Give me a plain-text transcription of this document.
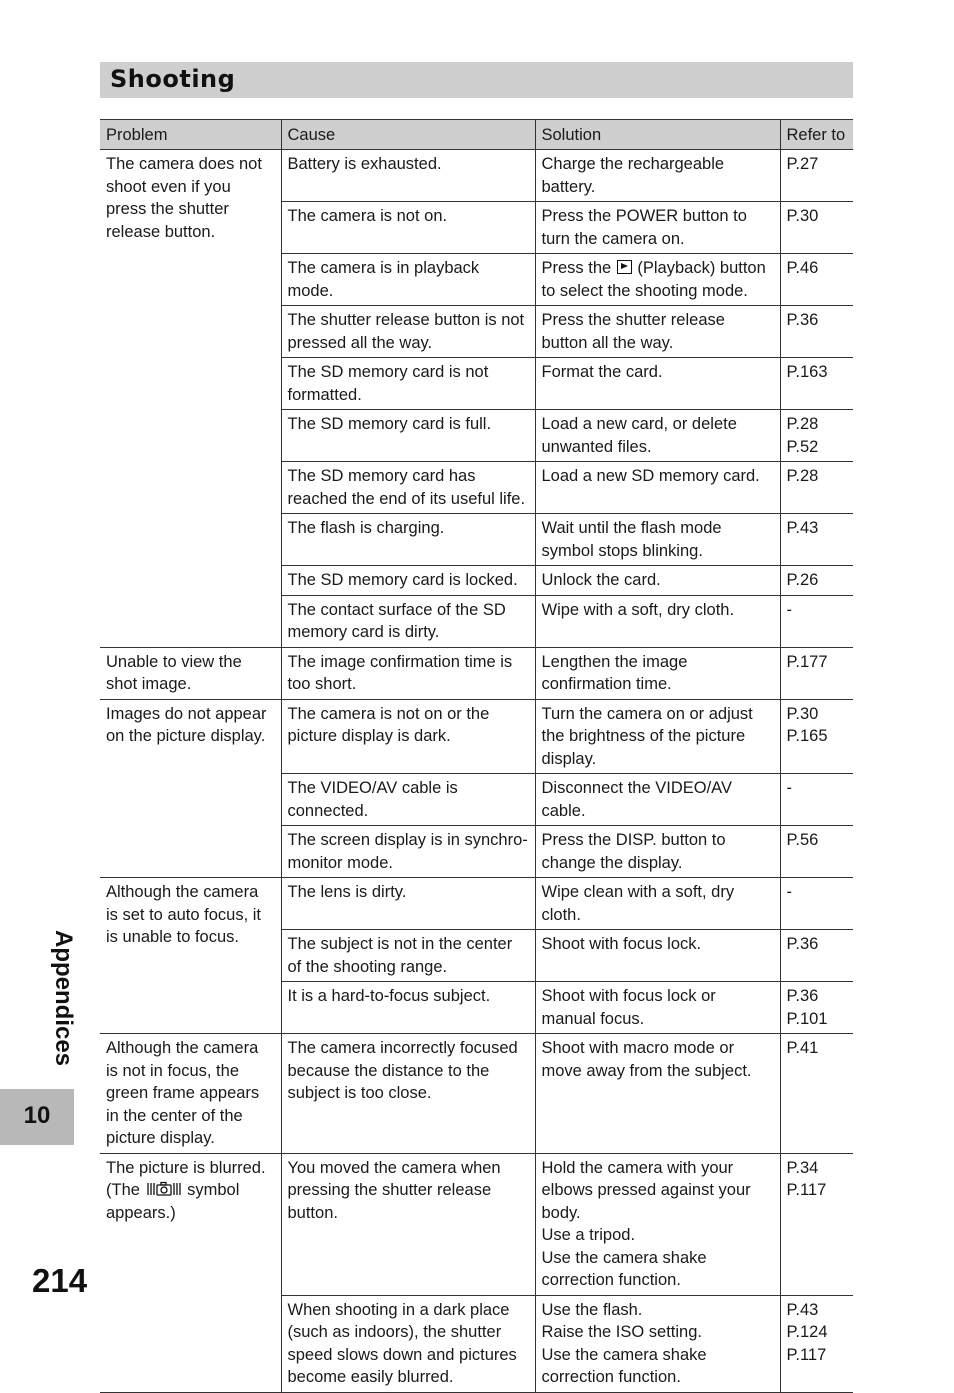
Shooting
Problem	Cause	Solution	Refer to
The camera does not shoot even if you press the shutter release button.	Battery is exhausted.	Charge the rechargeable battery.	P.27
	The camera is not on.	Press the POWER button to turn the camera on.	P.30
	The camera is in playback mode.	Press the (Playback) button to select the shooting mode.	P.46
	The shutter release button is not pressed all the way.	Press the shutter release button all the way.	P.36
	The SD memory card is not formatted.	Format the card.	P.163
	The SD memory card is full.	Load a new card, or delete unwanted files.	P.28
P.52
	The SD memory card has reached the end of its useful life.	Load a new SD memory card.	P.28
	The flash is charging.	Wait until the flash mode symbol stops blinking.	P.43
	The SD memory card is locked.	Unlock the card.	P.26
	The contact surface of the SD memory card is dirty.	Wipe with a soft, dry cloth.	-
Unable to view the shot image.	The image confirmation time is too short.	Lengthen the image confirmation time.	P.177
Images do not appear on the picture display.	The camera is not on or the picture display is dark.	Turn the camera on or adjust the brightness of the picture display.	P.30
P.165
	The VIDEO/AV cable is connected.	Disconnect the VIDEO/AV cable.	-
	The screen display is in synchro-monitor mode.	Press the DISP. button to change the display.	P.56
Although the camera is set to auto focus, it is unable to focus.	The lens is dirty.	Wipe clean with a soft, dry cloth.	-
	The subject is not in the center of the shooting range.	Shoot with focus lock.	P.36
	It is a hard-to-focus subject.	Shoot with focus lock or manual focus.	P.36
P.101
Although the camera is not in focus, the green frame appears in the center of the picture display.	The camera incorrectly focused because the distance to the subject is too close.	Shoot with macro mode or move away from the subject.	P.41
The picture is blurred. (The symbol appears.)	You moved the camera when pressing the shutter release button.	Hold the camera with your elbows pressed against your body.
Use a tripod.
Use the camera shake correction function.	P.34
P.117
	When shooting in a dark place (such as indoors), the shutter speed slows down and pictures become easily blurred.	Use the flash.
Raise the ISO setting.
Use the camera shake correction function.	P.43
P.124
P.117
Appendices
10
214
